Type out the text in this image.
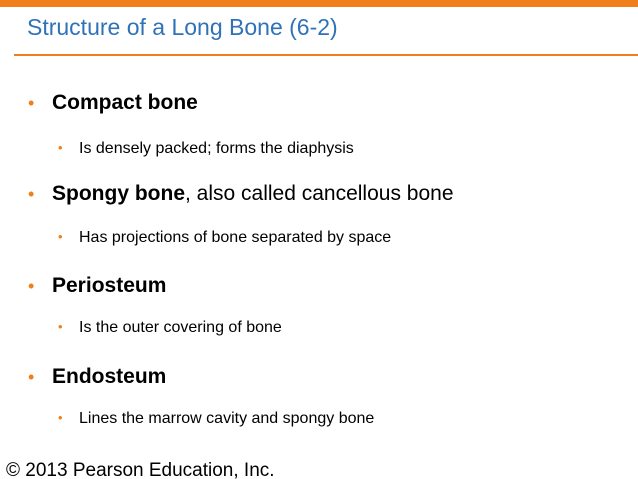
Structure of a Long Bone (6-2)
• Compact bone
• Is densely packed; forms the diaphysis
• Spongy bone, also called cancellous bone
• Has projections of bone separated by space
• Periosteum
• Is the outer covering of bone
• Endosteum
• Lines the marrow cavity and spongy bone
© 2013 Pearson Education, Inc.
